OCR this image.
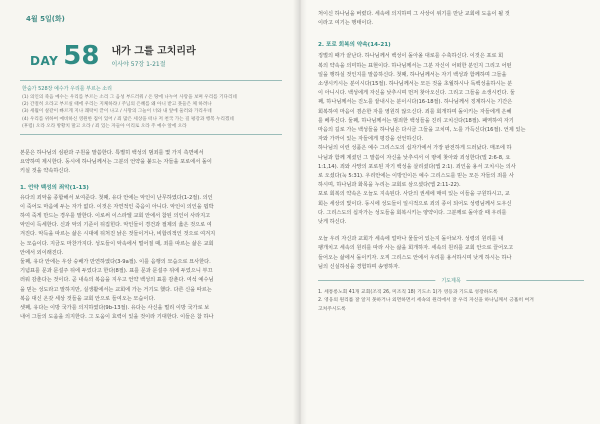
4월 5일(화)
DAY 58 내가 그를 고치리라
이사야 57장 1-21절
한숨가 528장 예수가 우리를 부르는 소리
(1) 의인의 죽음 예수는 우리를 부르는 소리 그 음성 부드러워 / 온 땅에 나누어 사랑을 보며 우리를 기다리네
(2) 간절히 오라고 부르실 때에 우리는 지체하랴 / 주님의 은혜를 왜 아니 받고 못들은 체 하려나
(3) 세월이 살같이 빠르게 지나 쾌락이 끝이 나고 / 사망의 그늘이 너와 내 앞에 둘러와 가리우네
(4) 우리를 위하여 예비하신 영원한 집이 있어 / 죄 많은 세상을 떠나 저 천국 가는 길 평강과 행복 누리겠네
(후렴) 오라 오라 방황치 말고 오라 / 죄 있는 자들아 이리로 오라 주 예수 앞에 오라

본문은 하나님의 심판과 구원을 말씀한다. 특별히 백성의 범죄를 몇 가지 측면에서

요약하며 제시한다. 동시에 하나님께서는 그분의 언약을 붙드는 자들을 포로에서 돌이

키실 것을 약속하신다.

1. 언약 백성의 죄악(1-13)

유다의 죄악을 종합해서 보여준다. 첫째, 유다 안에는 악인이 난무하였다(1-2절). 의인

이 죽어도 마음에 두는 자가 없다. 이것은 자연적인 죽음이 아니다. 악인이 의인을 핍박

하여 죽게 만드는 경우를 말한다. 이로써 이스라엘 교회 안에서 참된 의인이 사라지고

악인이 득세한다. 신과 악의 기준이 뒤집힌다. 악인들이 경건과 절제의 옳은 것으로 여

겨진다. 악득을 따르는 삶은 시대에 뒤처진 낡은 것들이거나, 비합리적인 것으로 여겨지

는 모습이다. 지금도 마찬가지다. 성도들이 악속에서 멀어질 때, 죄를 따르는 삶은 교회

안에서 외이래진다.

둘째, 유다 안에는 우상 숭배가 만연하였다(3-9a절). 이를 음행의 모습으로 묘사한다.

기념표를 문과 문설주 뒤에 두었다고 한다(8절). 표를 문과 문설주 뒤에 두었으니 부끄

러워 감춘다는 것이다. 곧 내속의 복음을 지우고 언약 백성의 표를 감춘다. 여석 예수님

을 믿는 성도라고 말하지만, 실생활에서는 교회에 가는 거기도 했다. 다른 신을 따르는

복음 대신 온갖 세상 것들을 교회 안으로 들여오는 모습이다.

셋째, 유다는 이방 국가를 의지하였다(9b-13절). 유다는 사신을 멀리 이방 국가로 보

내어 그들의 도움을 의지한다. 그 도움이 효력이 있을 것이라 기대한다. 이들은 참 하나

처이신 하나님을 버렸다. 세속에 의지하며 그 사상이 위기를 만난 교회에 도움이 될 것

이라고 여기는 행태이다.

2. 포로 회복의 약속(14-21)

징벌의 때가 끝난다. 하나님께서 백성이 돌아올 대로를 수축하신다. 이것은 포로 회

복의 약속을 의미하는 표현이다. 하나님께서는 그분 자신이 어떠한 분인지 그리고 어떤

일을 행하실 것인지를 말씀하신다. 첫째, 하나님께서는 자기 백성과 함께하며 그들을

소생시키시는 분이시다(15절). 하나님께서는 모든 것을 초월하시나 독백성을하시는 분

이 아니시다. 백성에게 자신을 낮추시며 먼저 찾아오신다. 그리고 그들을 소생시킨다. 둘

째, 하나님께서는 진노를 끝내시는 분이시다(16-18절). 하나님께서 징계하시는 기간은

회복하여 마음이 겸손한 자를 영원히 않으신다. 죄를 회개하며 돌이키는 자들에게 은혜

를 베푸신다. 둘째, 하나님께서는 범죄한 백성들을 진리 고치신다(18절). 패역하여 자기

마음의 길로 가는 백성들을 하나님은 다시금 그들을 고치며, 노를 가득신다(16절). 언제 있는

자와 가까이 있는 자들에게 평강을 선언하신다.

하나님의 이런 성품은 예수 그리스도의 십자가에서 가장 완전하게 드러났다. 매조에 하

나님과 함께 계셨던 그 말씀이 자신을 낮추셔서 이 땅에 찾아와 죄성한다(빌 2:6-8, 요

1:1,14). 죄와 사망의 포로된 자기 백성을 살리셨다(엡 2:1). 죄인을 용서 고치시는 의사

로 오셨다(눅 5:31). 우리안에는 이방인이든 예수 그리스도를 믿는 모든 자들의 죄를 사

하시며, 하나님과 화목을 누리는 교회로 삼으셨다(엡 2:11-22).

포로 회복의 약속은 오늘도 지속된다. 사단의 권세에 매여 있는 이들을 구원하시고, 교

회는 세상의 빛이다. 동시에 성도들이 일시적으로 죄의 종이 되어도 성령님께서 도우신

다. 그리스도의 십자가는 성도들을 회복시키는 양약이다. 그분께로 돌아갈 때 우리를

낫게 하신다.

오늘 우리 자신과 교회가 세속에 얼마나 물들어 있는지 돌아보자. 성령의 원리를 내

팽개치고 세속의 원리를 따라 사는 삶을 회개하자. 세속의 원리를 교회 안으로 끌어오고

들어오는 삶에서 돌이키자. 오직 그리스도 안에서 우리를 용서하시며 낫게 하시는 하나

님의 신실하심을 경험하며 송영하자.

기도제목
1. 세통롱노회 41개 교회(조직 26, 미조직 18) 기도소 1)가 영등과 기도로 성장하도록
2. 영웅의 원리를 잘 알지 못하거나 외면하면서 세속의 원리에서 잘 우리 자신을 하나님께서 긍휼히 여겨
고쳐주시도록
